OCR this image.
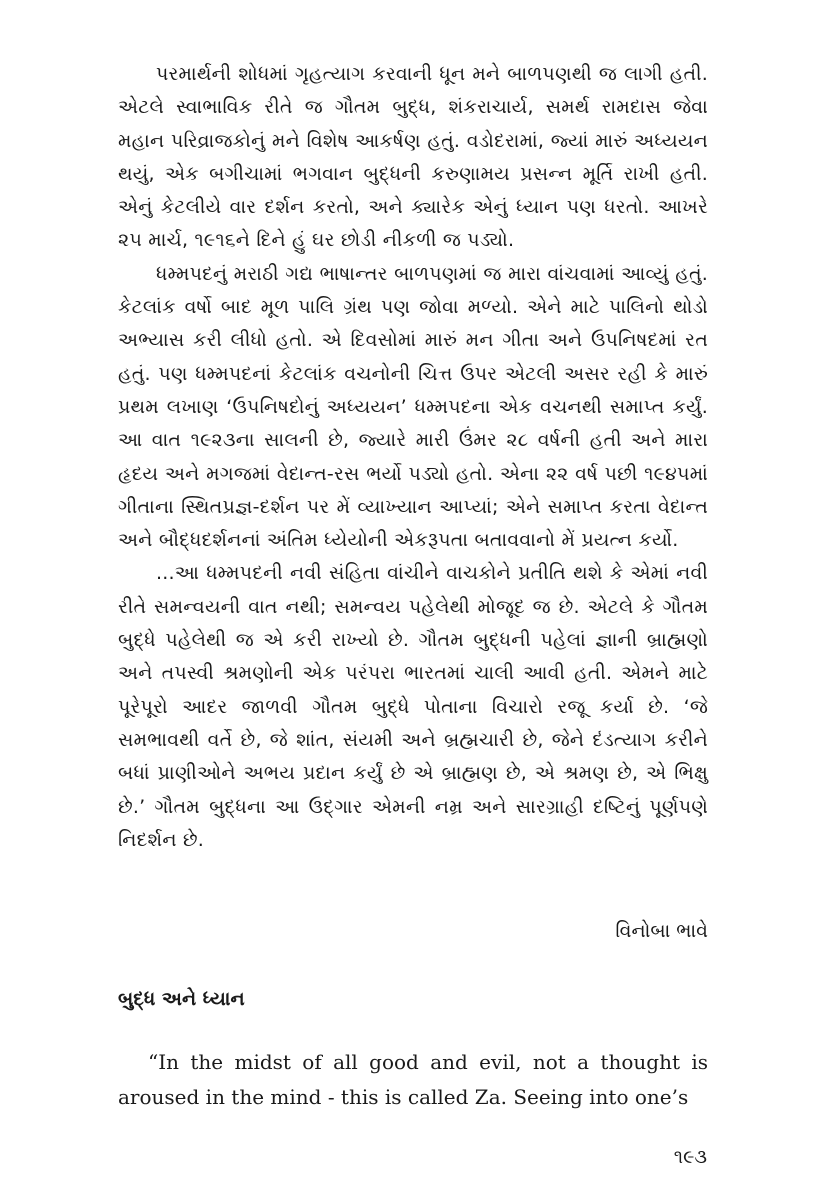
પરમાર્થની શોધમાં ગૃહત્યાગ કરવાની ધૂન મને બાળપણથી જ લાગી હતી. એટલે સ્વાભાવિક રીતે જ ગૌતમ બુદ્ધ, શંકરાચાર્ય, સમર્થ રામદાસ જેવા મહાન પરિવ્રાજકોનું મને વિશેષ આકર્ષણ હતું. વડોદરામાં, જ્યાં મારું અધ્યયન થયું, એક બગીચામાં ભગવાન બુદ્ધની કરુણામય પ્રસન્ન મૂર્તિ રાખી હતી. એનું કેટલીયે વાર દર્શન કરતો, અને ક્યારેક એનું ધ્યાન પણ ધરતો. આખરે ૨૫ માર્ચ, ૧૯૧૬ને દિને હું ઘર છોડી નીકળી જ પડ્યો.

ધમ્મપદનું મરાઠી ગદ્ય ભાષાન્તર બાળપણમાં જ મારા વાંચવામાં આવ્યું હતું. કેટલાંક વર્ષો બાદ મૂળ પાલિ ગ્રંથ પણ જોવા મળ્યો. એને માટે પાલિનો થોડો અભ્યાસ કરી લીધો હતો. એ દિવસોમાં મારું મન ગીતા અને ઉપનિષદમાં રત હતું. પણ ધમ્મપદનાં કેટલાંક વચનોની ચિત્ત ઉપર એટલી અસર રહી કે મારું પ્રથમ લખાણ ‘ઉપનિષદોનું અધ્યયન’ ધમ્મપદના એક વચનથી સમાપ્ત કર્યું. આ વાત ૧૯૨૩ના સાલની છે, જ્યારે મારી ઉંમર ૨૮ વર્ષની હતી અને મારા હૃદય અને મગજમાં વેદાન્ત-રસ ભર્યો પડ્યો હતો. એના ૨૨ વર્ષ પછી ૧૯૪૫માં ગીતાના સ્થિતપ્રજ્ઞ-દર્શન પર મેં વ્યાખ્યાન આપ્યાં; એને સમાપ્ત કરતા વેદાન્ત અને બૌદ્ધદર્શનનાં અંતિમ ધ્યેયોની એકરૂપતા બતાવવાનો મેં પ્રયત્ન કર્યો.

...આ ધમ્મપદની નવી સંહિતા વાંચીને વાચકોને પ્રતીતિ થશે કે એમાં નવી રીતે સમન્વયની વાત નથી; સમન્વય પહેલેથી મોજૂદ જ છે. એટલે કે ગૌતમ બુદ્ધે પહેલેથી જ એ કરી રાખ્યો છે. ગૌતમ બુદ્ધની પહેલાં જ્ઞાની બ્રાહ્મણો અને તપસ્વી શ્રમણોની એક પરંપરા ભારતમાં ચાલી આવી હતી. એમને માટે પૂરેપૂરો આદર જાળવી ગૌતમ બુદ્ધે પોતાના વિચારો રજૂ કર્યા છે. ‘જે સમભાવથી વર્તે છે, જે શાંત, સંયમી અને બ્રહ્મચારી છે, જેને દંડત્યાગ કરીને બધાં પ્રાણીઓને અભય પ્રદાન કર્યું છે એ બ્રાહ્મણ છે, એ શ્રમણ છે, એ ભિક્ષુ છે.’ ગૌતમ બુદ્ધના આ ઉદ્ગાર એમની નમ્ર અને સારગ્રાહી દષ્ટિનું પૂર્ણપણે નિદર્શન છે.

વિનોબા ભાવે

બુદ્ધ અને ધ્યાન

“In the midst of all good and evil, not a thought is aroused in the mind - this is called Za. Seeing into one’s

૧૯૩
